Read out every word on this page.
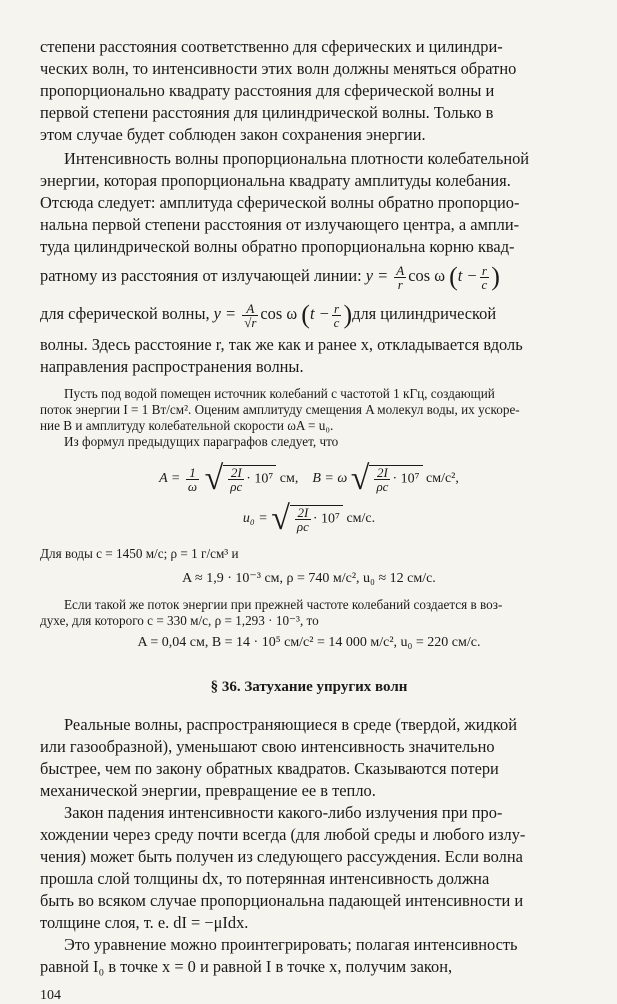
степени расстояния соответственно для сферических и цилиндри-

ческих волн, то интенсивности этих волн должны меняться обратно

пропорционально квадрату расстояния для сферической волны и

первой степени расстояния для цилиндрической волны. Только в

этом случае будет соблюден закон сохранения энергии.

Интенсивность волны пропорциональна плотности колебательной

энергии, которая пропорциональна квадрату амплитуды колебания.

Отсюда следует: амплитуда сферической волны обратно пропорцио-

нальна первой степени расстояния от излучающего центра, а ампли-

туда цилиндрической волны обратно пропорциональна корню квад-

ратному из расстояния от излучающей линии: $y = \frac{A}{r}$ cos ω ($t - \frac{r}{c}$ )

для сферической волны, $y = \frac{A}{√r}$ cos ω $(t - \frac{r}{c} )для$ цилиндрической

волны. Здесь расстояние r, так же как и ранее x, откладывается вдоль

направления распространения волны.

Пусть под водой помещен источник колебаний с частотой 1 кГц, создающий

поток энергии I = 1 Вт/см². Оценим амплитуду смещения A молекул воды, их ускоре-

ние B и амплитуду колебательной скорости ωA = u₀.

Из формул предыдущих параграфов следует, что

$A = \frac{1}{\omega}$ √ $\frac{2I}{\rho c} \cdot 10^7$ см, B = ω √ $\frac{2I}{\rho c} \cdot 10^7$ см/с²,

u₀ = √ $\frac{2I}{\rho c} \cdot 10^7$ см/с.

Для воды c = 1450 м/с; ρ = 1 г/см³ и

A ≈ 1,9 · 10⁻³ см, ρ = 740 м/с², u₀ ≈ 12 см/с.

Если такой же поток энергии при прежней частоте колебаний создается в воз-

духе, для которого c = 330 м/с, ρ = 1,293 · 10⁻³, то

A = 0,04 см, B = 14 · 10⁵ см/с² = 14 000 м/с², u₀ = 220 см/с.

§ 36. Затухание упругих волн

Реальные волны, распространяющиеся в среде (твердой, жидкой

или газообразной), уменьшают свою интенсивность значительно

быстрее, чем по закону обратных квадратов. Сказываются потери

механической энергии, превращение ее в тепло.

Закон падения интенсивности какого-либо излучения при про-

хождении через среду почти всегда (для любой среды и любого излу-

чения) может быть получен из следующего рассуждения. Если волна

прошла слой толщины dx, то потерянная интенсивность должна

быть во всяком случае пропорциональна падающей интенсивности и

толщине слоя, т. е. dI = −μIdx.

Это уравнение можно проинтегрировать; полагая интенсивность

равной I₀ в точке x = 0 и равной I в точке x, получим закон,

104
